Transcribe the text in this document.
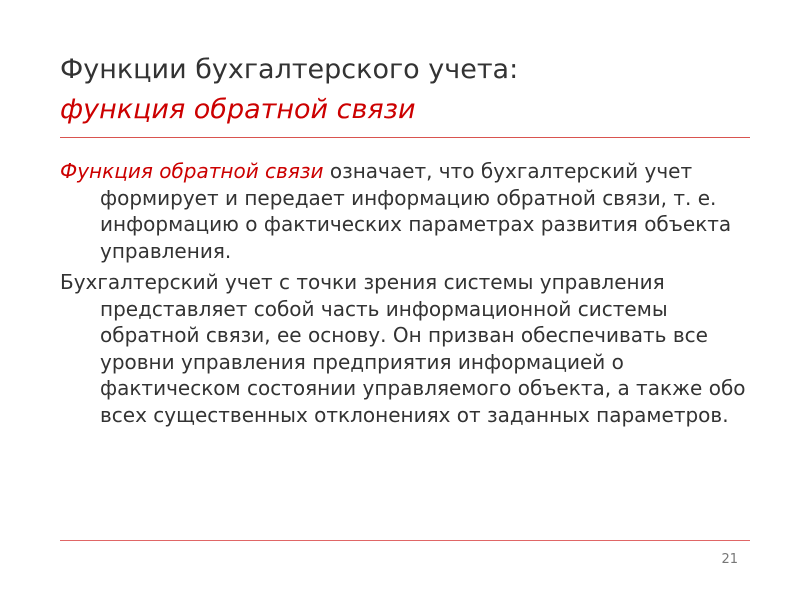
Функции бухгалтерского учета:
функция обратной связи

Функция обратной связи означает, что бухгалтерский учет формирует и передает информацию обратной связи, т. е. информацию о фактических параметрах развития объекта управления.

Бухгалтерский учет с точки зрения системы управления представляет собой часть информационной системы обратной связи, ее основу. Он призван обеспечивать все уровни управления предприятия информацией о фактическом состоянии управляемого объекта, а также обо всех существенных отклонениях от заданных параметров.

21
